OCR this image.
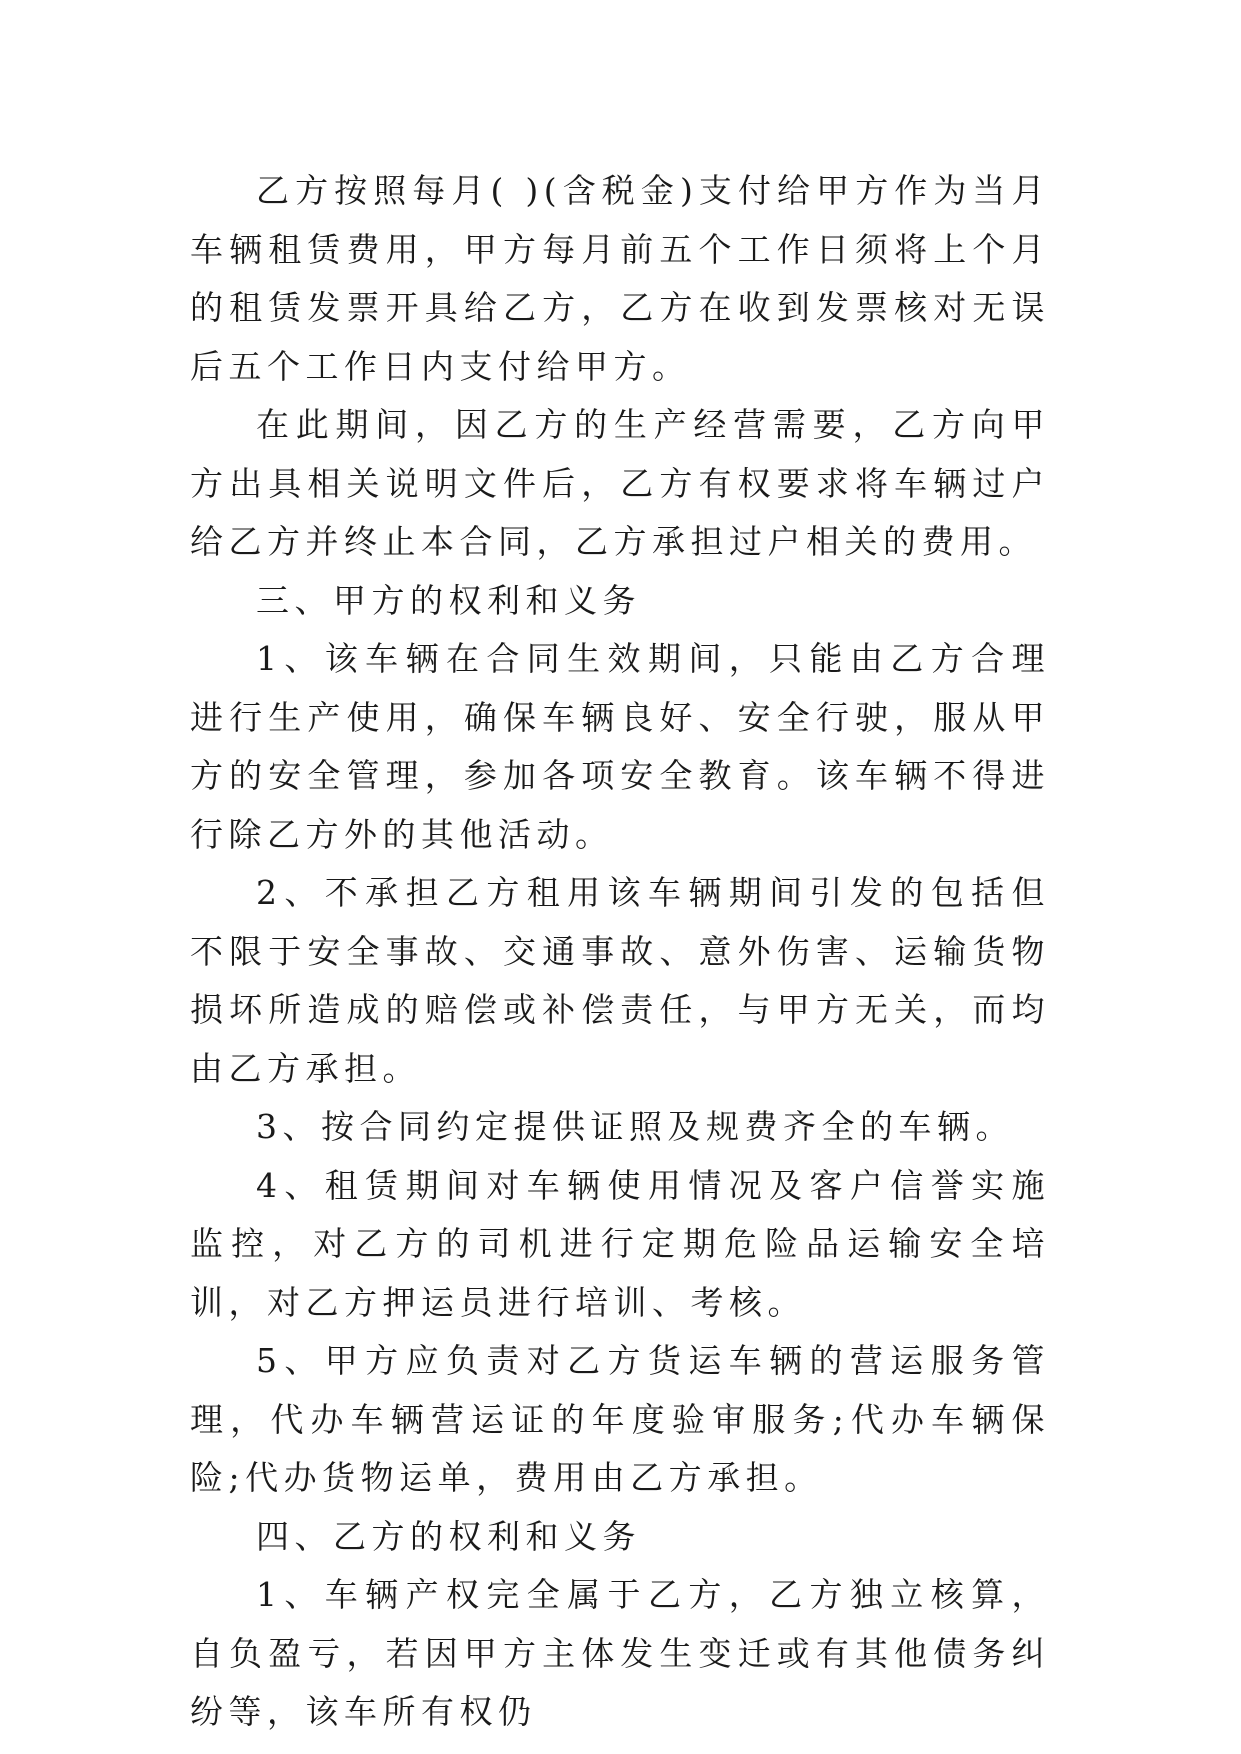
乙方按照每月( )(含税金)支付给甲方作为当月车辆租赁费用，甲方每月前五个工作日须将上个月的租赁发票开具给乙方，乙方在收到发票核对无误后五个工作日内支付给甲方。

在此期间，因乙方的生产经营需要，乙方向甲方出具相关说明文件后，乙方有权要求将车辆过户给乙方并终止本合同，乙方承担过户相关的费用。

三、甲方的权利和义务

1、该车辆在合同生效期间，只能由乙方合理进行生产使用，确保车辆良好、安全行驶，服从甲方的安全管理，参加各项安全教育。该车辆不得进行除乙方外的其他活动。

2、不承担乙方租用该车辆期间引发的包括但不限于安全事故、交通事故、意外伤害、运输货物损坏所造成的赔偿或补偿责任，与甲方无关，而均由乙方承担。

3、按合同约定提供证照及规费齐全的车辆。

4、租赁期间对车辆使用情况及客户信誉实施监控，对乙方的司机进行定期危险品运输安全培训，对乙方押运员进行培训、考核。

5、甲方应负责对乙方货运车辆的营运服务管理，代办车辆营运证的年度验审服务;代办车辆保险;代办货物运单，费用由乙方承担。

四、乙方的权利和义务

1、车辆产权完全属于乙方，乙方独立核算，自负盈亏，若因甲方主体发生变迁或有其他债务纠纷等，该车所有权仍
